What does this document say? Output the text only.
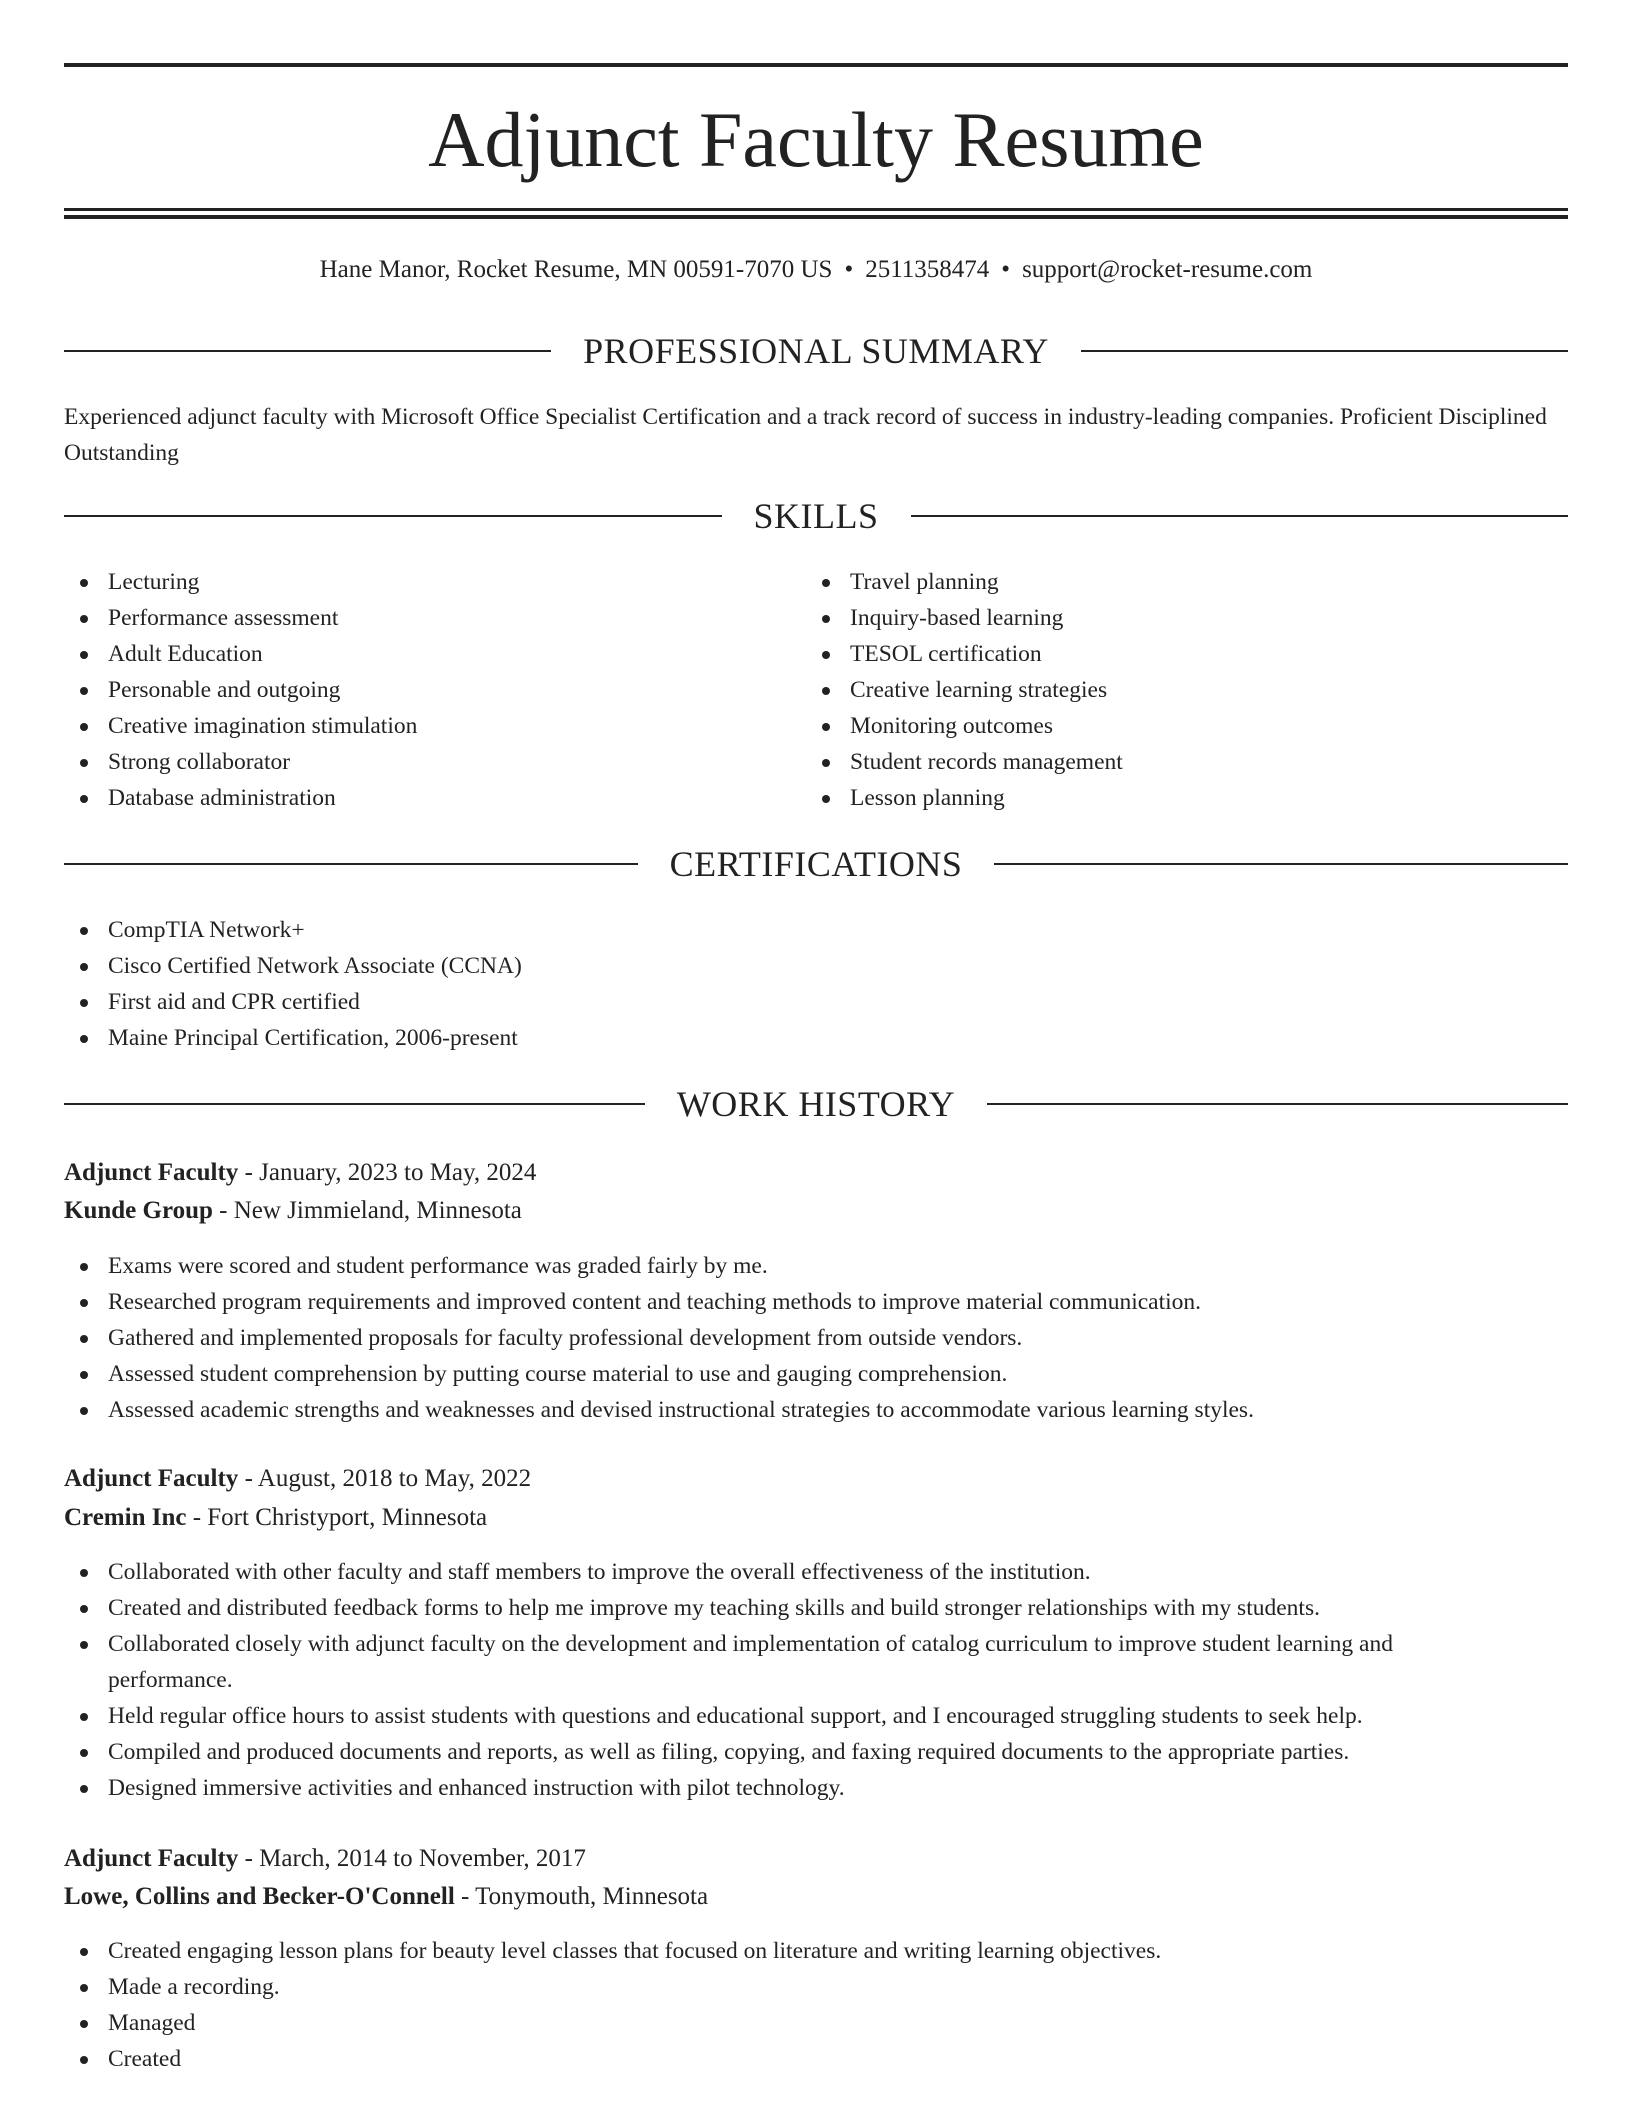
Adjunct Faculty Resume
Hane Manor, Rocket Resume, MN 00591-7070 US • 2511358474 • support@rocket-resume.com
PROFESSIONAL SUMMARY

Experienced adjunct faculty with Microsoft Office Specialist Certification and a track record of success in industry-leading companies. Proficient Disciplined Outstanding

SKILLS
Lecturing
Performance assessment
Adult Education
Personable and outgoing
Creative imagination stimulation
Strong collaborator
Database administration
Travel planning
Inquiry-based learning
TESOL certification
Creative learning strategies
Monitoring outcomes
Student records management
Lesson planning
CERTIFICATIONS
CompTIA Network+
Cisco Certified Network Associate (CCNA)
First aid and CPR certified
Maine Principal Certification, 2006-present
WORK HISTORY
Adjunct Faculty - January, 2023 to May, 2024
Kunde Group - New Jimmieland, Minnesota
Exams were scored and student performance was graded fairly by me.
Researched program requirements and improved content and teaching methods to improve material communication.
Gathered and implemented proposals for faculty professional development from outside vendors.
Assessed student comprehension by putting course material to use and gauging comprehension.
Assessed academic strengths and weaknesses and devised instructional strategies to accommodate various learning styles.
Adjunct Faculty - August, 2018 to May, 2022
Cremin Inc - Fort Christyport, Minnesota
Collaborated with other faculty and staff members to improve the overall effectiveness of the institution.
Created and distributed feedback forms to help me improve my teaching skills and build stronger relationships with my students.
Collaborated closely with adjunct faculty on the development and implementation of catalog curriculum to improve student learning and performance.
Held regular office hours to assist students with questions and educational support, and I encouraged struggling students to seek help.
Compiled and produced documents and reports, as well as filing, copying, and faxing required documents to the appropriate parties.
Designed immersive activities and enhanced instruction with pilot technology.
Adjunct Faculty - March, 2014 to November, 2017
Lowe, Collins and Becker-O'Connell - Tonymouth, Minnesota
Created engaging lesson plans for beauty level classes that focused on literature and writing learning objectives.
Made a recording.
Managed
Created
